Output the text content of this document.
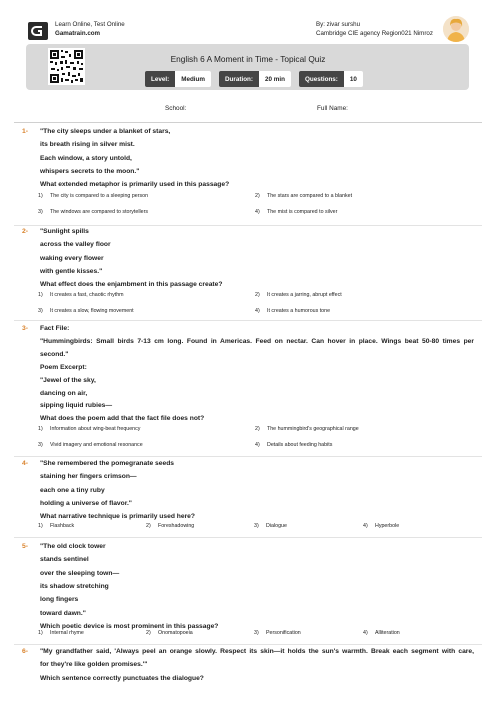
Learn Online, Test Online
Gamatrain.com
By: zivar surshu
Cambridge CIE agency Region021 Nimroz
English 6 A Moment in Time - Topical Quiz
Level:	Medium	Duration:	20 min	Questions:	10
School:	Full Name:
1- "The city sleeps under a blanket of stars,
its breath rising in silver mist.
Each window, a story untold,
whispers secrets to the moon."
What extended metaphor is primarily used in this passage?
1) The city is compared to a sleeping person	2) The stars are compared to a blanket
3) The windows are compared to storytellers	4) The mist is compared to silver
2- "Sunlight spills
across the valley floor
waking every flower
with gentle kisses."
What effect does the enjambment in this passage create?
1) It creates a fast, chaotic rhythm	2) It creates a jarring, abrupt effect
3) It creates a slow, flowing movement	4) It creates a humorous tone
3- Fact File:
"Hummingbirds: Small birds 7-13 cm long. Found in Americas. Feed on nectar. Can hover in place. Wings beat 50-80 times per
second."
Poem Excerpt:
"Jewel of the sky,
dancing on air,
sipping liquid rubies—
What does the poem add that the fact file does not?
1) Information about wing-beat frequency	2) The hummingbird's geographical range
3) Vivid imagery and emotional resonance	4) Details about feeding habits
4- "She remembered the pomegranate seeds
staining her fingers crimson—
each one a tiny ruby
holding a universe of flavor."
What narrative technique is primarily used here?
1) Flashback	2) Foreshadowing	3) Dialogue	4) Hyperbole
5- "The old clock tower
stands sentinel
over the sleeping town—
its shadow stretching
long fingers
toward dawn."
Which poetic device is most prominent in this passage?
1) Internal rhyme	2) Onomatopoeia	3) Personification	4) Alliteration
6- "My grandfather said, 'Always peel an orange slowly. Respect its skin—it holds the sun's warmth. Break each segment with care,
for they're like golden promises.'"
Which sentence correctly punctuates the dialogue?
